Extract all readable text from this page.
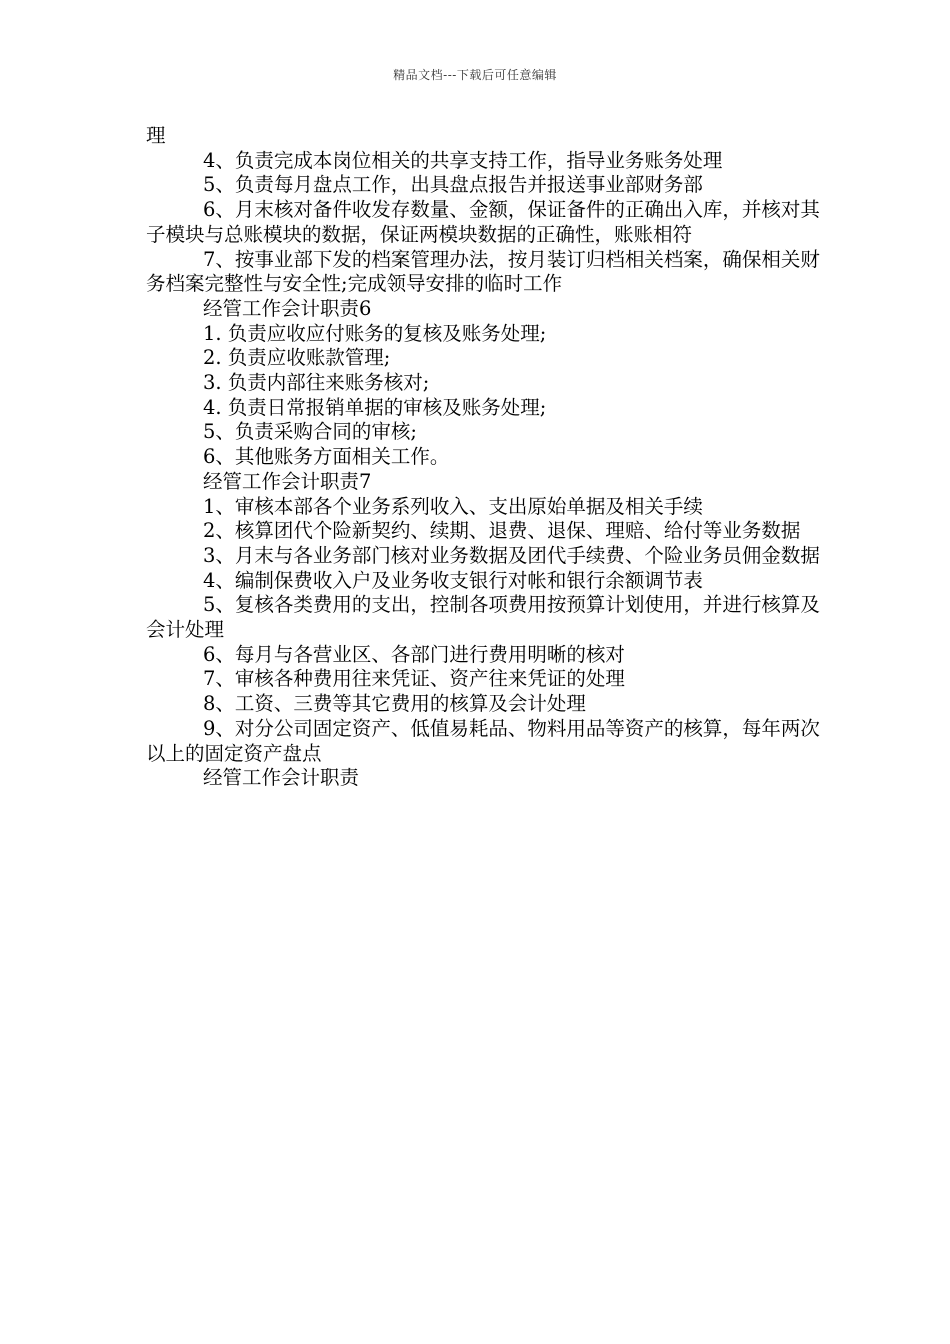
精品文档---下载后可任意编辑

理

4、负责完成本岗位相关的共享支持工作，指导业务账务处理

5、负责每月盘点工作，出具盘点报告并报送事业部财务部

6、月末核对备件收发存数量、金额，保证备件的正确出入库，并核对其子模块与总账模块的数据，保证两模块数据的正确性，账账相符

7、按事业部下发的档案管理办法，按月装订归档相关档案，确保相关财务档案完整性与安全性;完成领导安排的临时工作

经管工作会计职责6

1. 负责应收应付账务的复核及账务处理;

2. 负责应收账款管理;

3. 负责内部往来账务核对;

4. 负责日常报销单据的审核及账务处理;

5、负责采购合同的审核;

6、其他账务方面相关工作。

经管工作会计职责7

1、审核本部各个业务系列收入、支出原始单据及相关手续

2、核算团代个险新契约、续期、退费、退保、理赔、给付等业务数据

3、月末与各业务部门核对业务数据及团代手续费、个险业务员佣金数据

4、编制保费收入户及业务收支银行对帐和银行余额调节表

5、复核各类费用的支出，控制各项费用按预算计划使用，并进行核算及会计处理

6、每月与各营业区、各部门进行费用明晰的核对

7、审核各种费用往来凭证、资产往来凭证的处理

8、工资、三费等其它费用的核算及会计处理

9、对分公司固定资产、低值易耗品、物料用品等资产的核算，每年两次以上的固定资产盘点

经管工作会计职责
